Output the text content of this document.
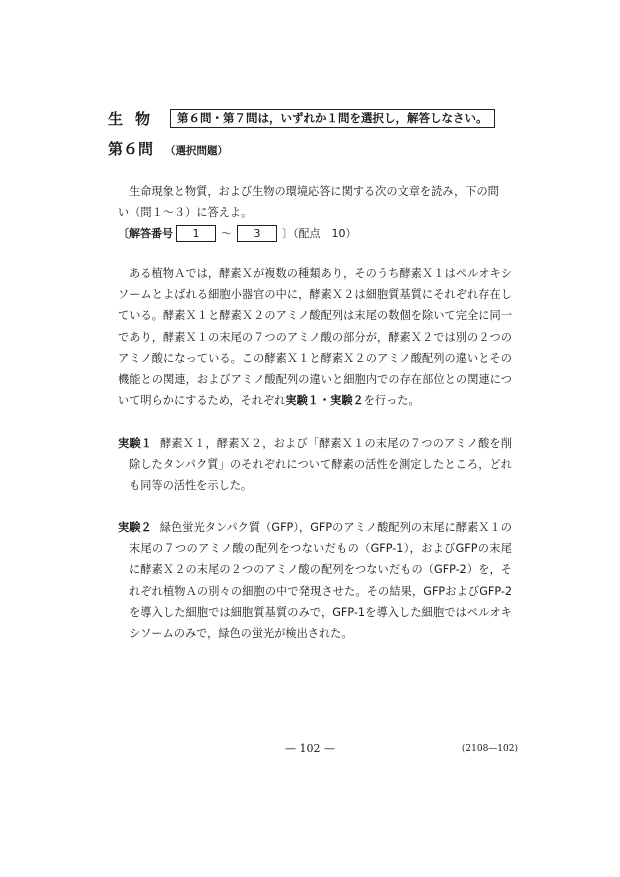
生物	第６問・第７問は，いずれか１問を選択し，解答しなさい。
第６問 （選択問題）

生命現象と物質，および生物の環境応答に関する次の文章を読み，下の問い（問１～３）に答えよ。

〔解答番号	1	～	3	〕（配点　10）

ある植物Ａでは，酵素Ｘが複数の種類あり，そのうち酵素Ｘ１はペルオキシソームとよばれる細胞小器官の中に，酵素Ｘ２は細胞質基質にそれぞれ存在している。酵素Ｘ１と酵素Ｘ２のアミノ酸配列は末尾の数個を除いて完全に同一であり，酵素Ｘ１の末尾の７つのアミノ酸の部分が，酵素Ｘ２では別の２つのアミノ酸になっている。この酵素Ｘ１と酵素Ｘ２のアミノ酸配列の違いとその機能との関連，およびアミノ酸配列の違いと細胞内での存在部位との関連について明らかにするため，それぞれ実験１・実験２を行った。

実験１ 酵素Ｘ１，酵素Ｘ２，および「酵素Ｘ１の末尾の７つのアミノ酸を削除したタンパク質」のそれぞれについて酵素の活性を測定したところ，どれも同等の活性を示した。

実験２ 緑色蛍光タンパク質（GFP），GFPのアミノ酸配列の末尾に酵素Ｘ１の末尾の７つのアミノ酸の配列をつないだもの（GFP-1），およびGFPの末尾に酵素Ｘ２の末尾の２つのアミノ酸の配列をつないだもの（GFP-2）を，それぞれ植物Ａの別々の細胞の中で発現させた。その結果，GFPおよびGFP-2を導入した細胞では細胞質基質のみで，GFP-1を導入した細胞ではペルオキシソームのみで，緑色の蛍光が検出された。

— 102 —	(2108—102)
